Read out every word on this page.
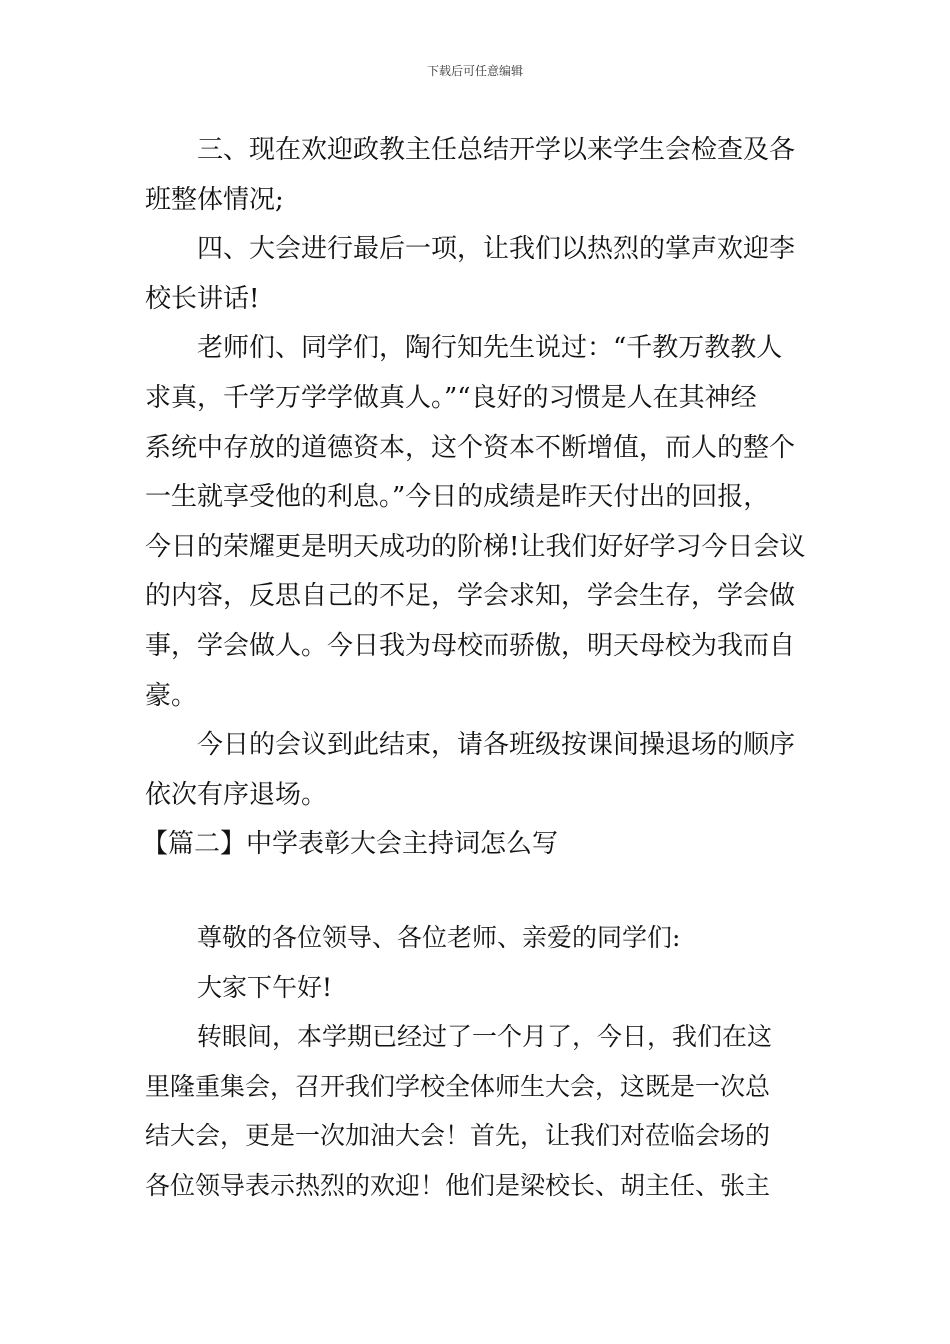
下载后可任意编辑
三、现在欢迎政教主任总结开学以来学生会检查及各
班整体情况;
四、大会进行最后一项，让我们以热烈的掌声欢迎李
校长讲话!
老师们、同学们，陶行知先生说过：“千教万教教人
求真，千学万学学做真人。”“良好的习惯是人在其神经
系统中存放的道德资本，这个资本不断增值，而人的整个
一生就享受他的利息。”今日的成绩是昨天付出的回报，
今日的荣耀更是明天成功的阶梯!让我们好好学习今日会议
的内容，反思自己的不足，学会求知，学会生存，学会做
事，学会做人。今日我为母校而骄傲，明天母校为我而自
豪。
今日的会议到此结束，请各班级按课间操退场的顺序
依次有序退场。
【篇二】中学表彰大会主持词怎么写
尊敬的各位领导、各位老师、亲爱的同学们:
大家下午好!
转眼间，本学期已经过了一个月了，今日，我们在这
里隆重集会，召开我们学校全体师生大会，这既是一次总
结大会，更是一次加油大会！首先，让我们对莅临会场的
各位领导表示热烈的欢迎！他们是梁校长、胡主任、张主
